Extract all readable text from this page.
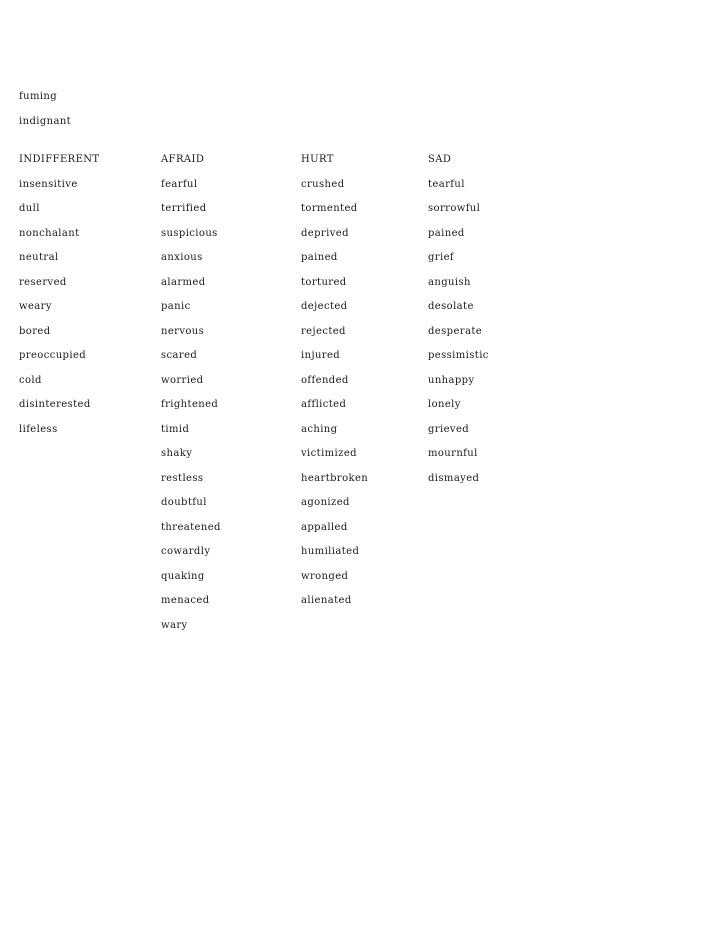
fuming
indignant
INDIFFERENT
insensitive
dull
nonchalant
neutral
reserved
weary
bored
preoccupied
cold
disinterested
lifeless
AFRAID
fearful
terrified
suspicious
anxious
alarmed
panic
nervous
scared
worried
frightened
timid
shaky
restless
doubtful
threatened
cowardly
quaking
menaced
wary
HURT
crushed
tormented
deprived
pained
tortured
dejected
rejected
injured
offended
afflicted
aching
victimized
heartbroken
agonized
appalled
humiliated
wronged
alienated
SAD
tearful
sorrowful
pained
grief
anguish
desolate
desperate
pessimistic
unhappy
lonely
grieved
mournful
dismayed
